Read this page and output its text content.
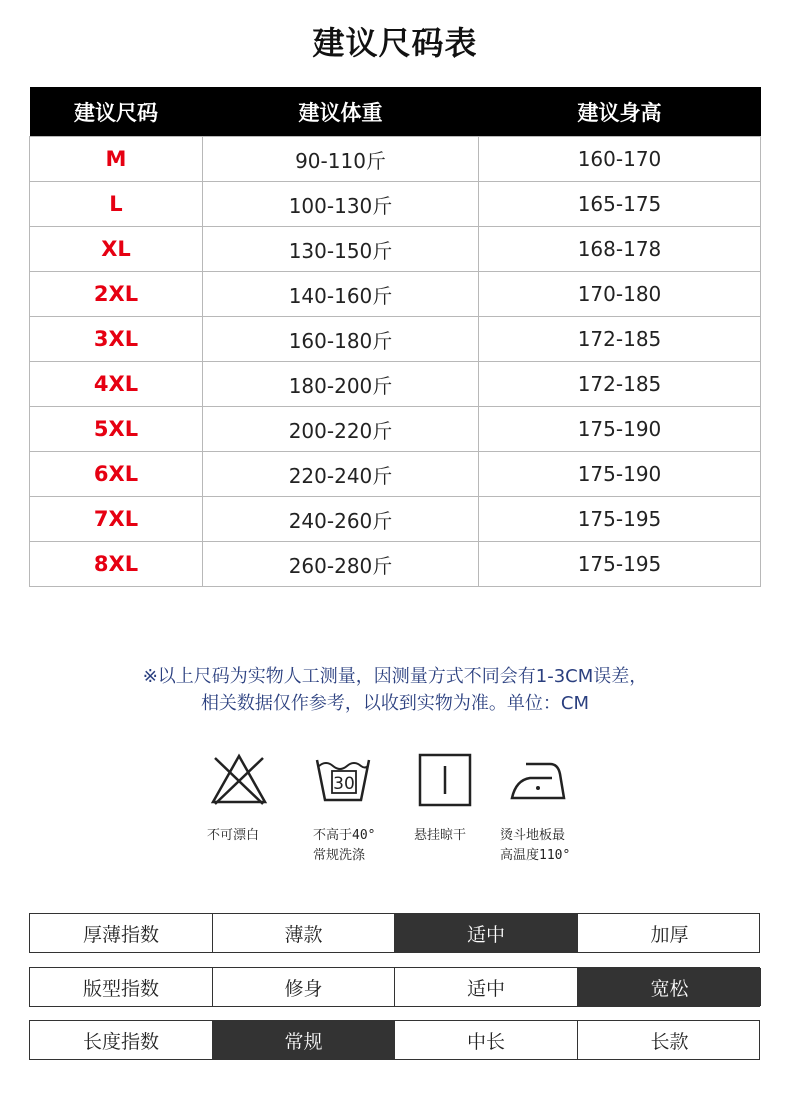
建议尺码表
建议尺码	建议体重	建议身高
M	90-110斤	160-170
L	100-130斤	165-175
XL	130-150斤	168-178
2XL	140-160斤	170-180
3XL	160-180斤	172-185
4XL	180-200斤	172-185
5XL	200-220斤	175-190
6XL	220-240斤	175-190
7XL	240-260斤	175-195
8XL	260-280斤	175-195
※以上尺码为实物人工测量，因测量方式不同会有1-3CM误差，
相关数据仅作参考，以收到实物为准。单位：CM
30
不可漂白	不高于40°
常规洗涤
悬挂晾干	烫斗地板最
高温度110°
厚薄指数	薄款	适中	加厚
版型指数	修身	适中	宽松
长度指数	常规	中长	长款
